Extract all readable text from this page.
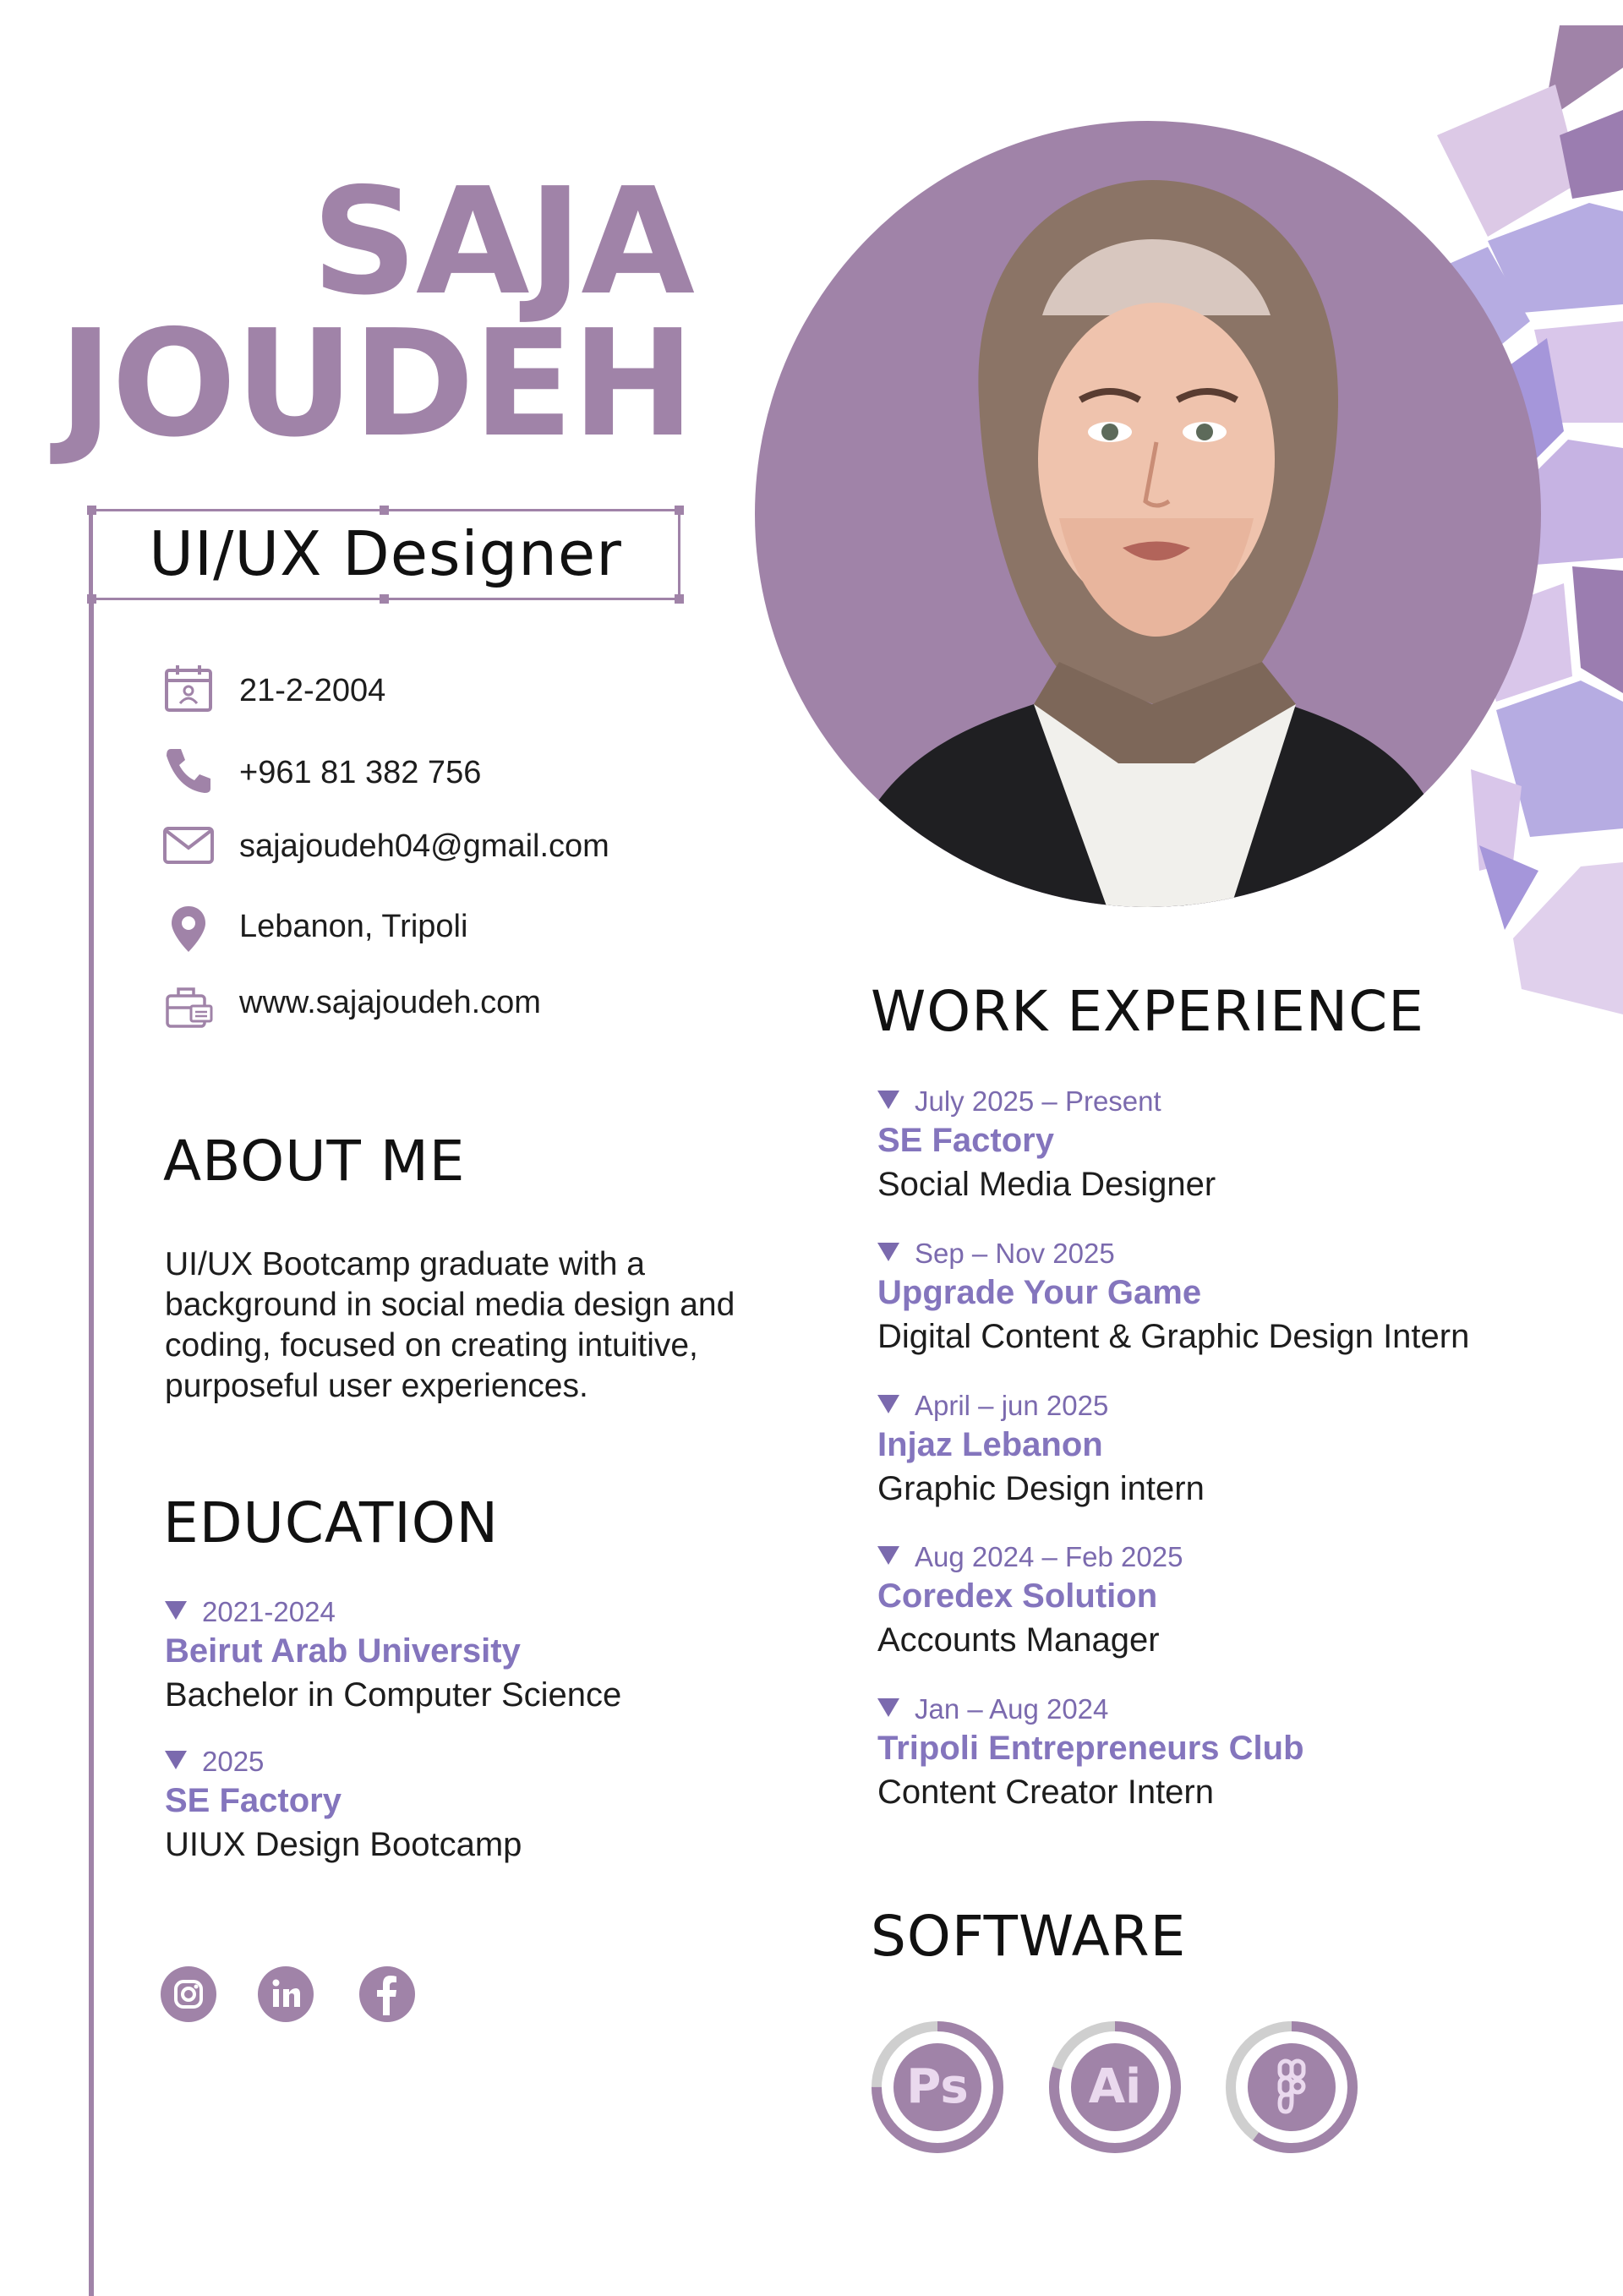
SAJA
JOUDEH
UI/UX Designer
21-2-2004
+961 81 382 756
sajajoudeh04@gmail.com
Lebanon, Tripoli
www.sajajoudeh.com
ABOUT ME

UI/UX Bootcamp graduate with a background in social media design and coding, focused on creating intuitive, purposeful user experiences.

EDUCATION
2021-2024
Beirut Arab University
Bachelor in Computer Science
2025
SE Factory
UIUX Design Bootcamp
WORK EXPERIENCE
July 2025 – Present
SE Factory
Social Media Designer
Sep – Nov 2025
Upgrade Your Game
Digital Content & Graphic Design Intern
April – jun 2025
Injaz Lebanon
Graphic Design intern
Aug 2024 – Feb 2025
Coredex Solution
Accounts Manager
Jan – Aug 2024
Tripoli Entrepreneurs Club
Content Creator Intern
SOFTWARE
Ps	Ai
